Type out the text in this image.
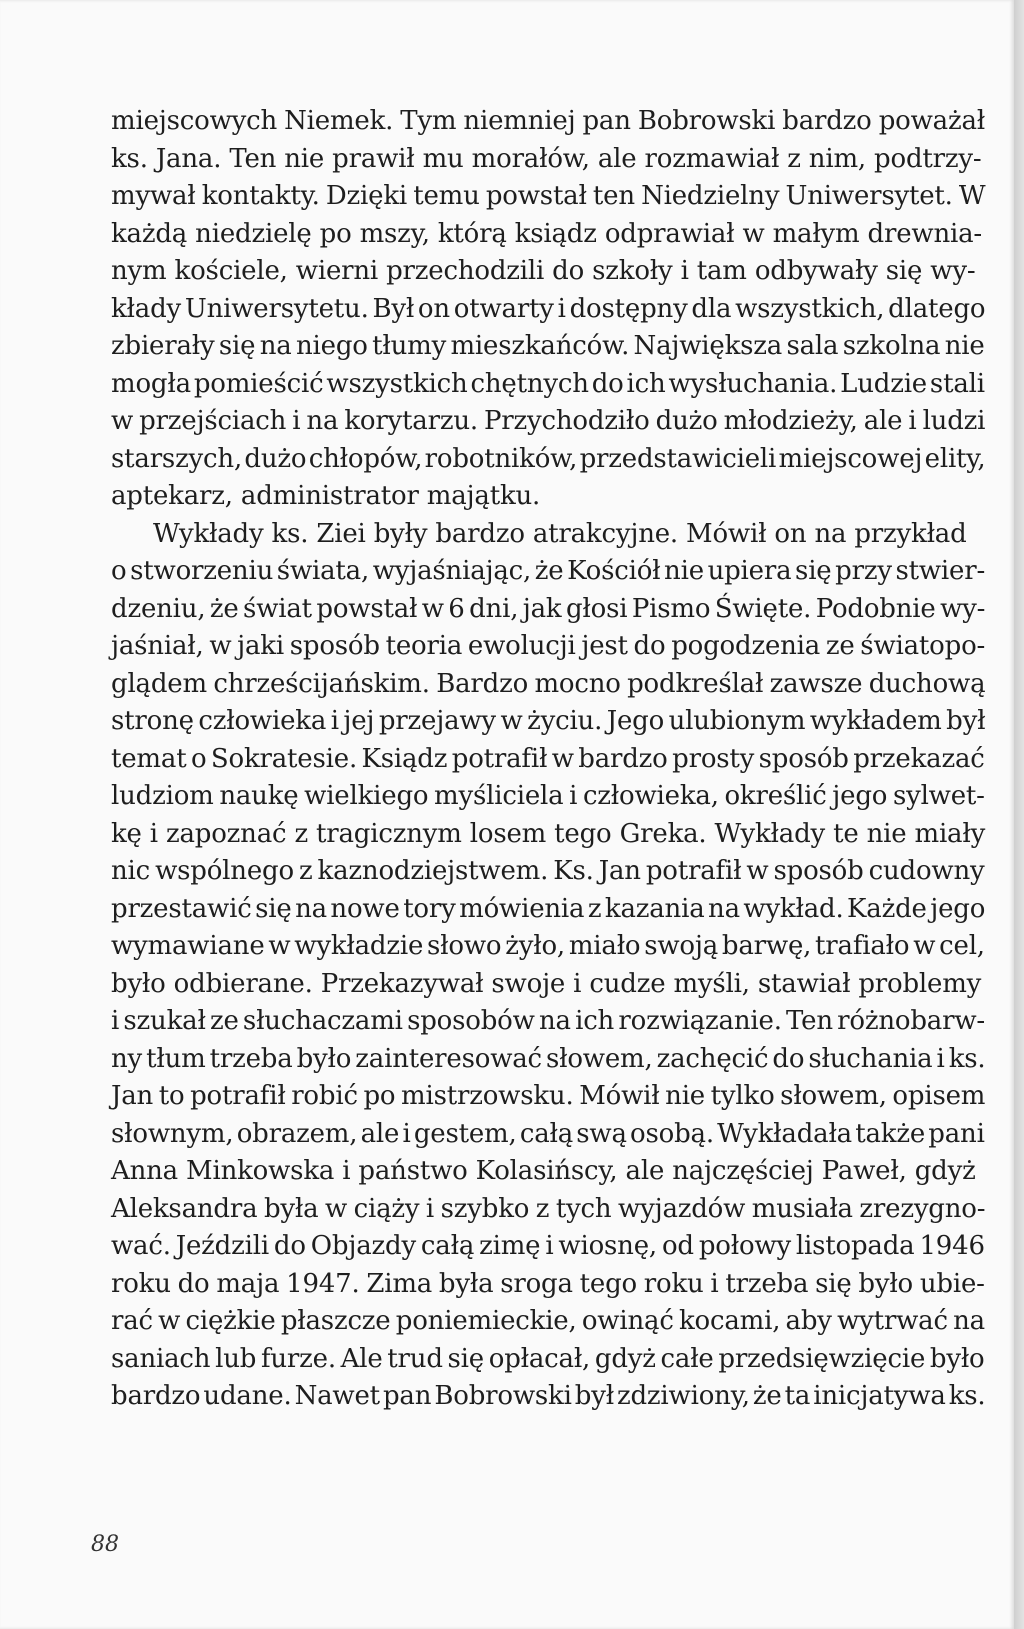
miejscowych Niemek. Tym niemniej pan Bobrowski bardzo poważał
ks. Jana. Ten nie prawił mu morałów, ale rozmawiał z nim, podtrzy-
mywał kontakty. Dzięki temu powstał ten Niedzielny Uniwersytet. W
każdą niedzielę po mszy, którą ksiądz odprawiał w małym drewnia-
nym kościele, wierni przechodzili do szkoły i tam odbywały się wy-
kłady Uniwersytetu. Był on otwarty i dostępny dla wszystkich, dlatego
zbierały się na niego tłumy mieszkańców. Największa sala szkolna nie
mogła pomieścić wszystkich chętnych do ich wysłuchania. Ludzie stali
w przejściach i na korytarzu. Przychodziło dużo młodzieży, ale i ludzi
starszych, dużo chłopów, robotników, przedstawicieli miejscowej elity,
aptekarz, administrator majątku.
Wykłady ks. Ziei były bardzo atrakcyjne. Mówił on na przykład
o stworzeniu świata, wyjaśniając, że Kościół nie upiera się przy stwier-
dzeniu, że świat powstał w 6 dni, jak głosi Pismo Święte. Podobnie wy-
jaśniał, w jaki sposób teoria ewolucji jest do pogodzenia ze światopo-
glądem chrześcijańskim. Bardzo mocno podkreślał zawsze duchową
stronę człowieka i jej przejawy w życiu. Jego ulubionym wykładem był
temat o Sokratesie. Ksiądz potrafił w bardzo prosty sposób przekazać
ludziom naukę wielkiego myśliciela i człowieka, określić jego sylwet-
kę i zapoznać z tragicznym losem tego Greka. Wykłady te nie miały
nic wspólnego z kaznodziejstwem. Ks. Jan potrafił w sposób cudowny
przestawić się na nowe tory mówienia z kazania na wykład. Każde jego
wymawiane w wykładzie słowo żyło, miało swoją barwę, trafiało w cel,
było odbierane. Przekazywał swoje i cudze myśli, stawiał problemy
i szukał ze słuchaczami sposobów na ich rozwiązanie. Ten różnobarw-
ny tłum trzeba było zainteresować słowem, zachęcić do słuchania i ks.
Jan to potrafił robić po mistrzowsku. Mówił nie tylko słowem, opisem
słownym, obrazem, ale i gestem, całą swą osobą. Wykładała także pani
Anna Minkowska i państwo Kolasińscy, ale najczęściej Paweł, gdyż
Aleksandra była w ciąży i szybko z tych wyjazdów musiała zrezygno-
wać. Jeździli do Objazdy całą zimę i wiosnę, od połowy listopada 1946
roku do maja 1947. Zima była sroga tego roku i trzeba się było ubie-
rać w ciężkie płaszcze poniemieckie, owinąć kocami, aby wytrwać na
saniach lub furze. Ale trud się opłacał, gdyż całe przedsięwzięcie było
bardzo udane. Nawet pan Bobrowski był zdziwiony, że ta inicjatywa ks.
88
